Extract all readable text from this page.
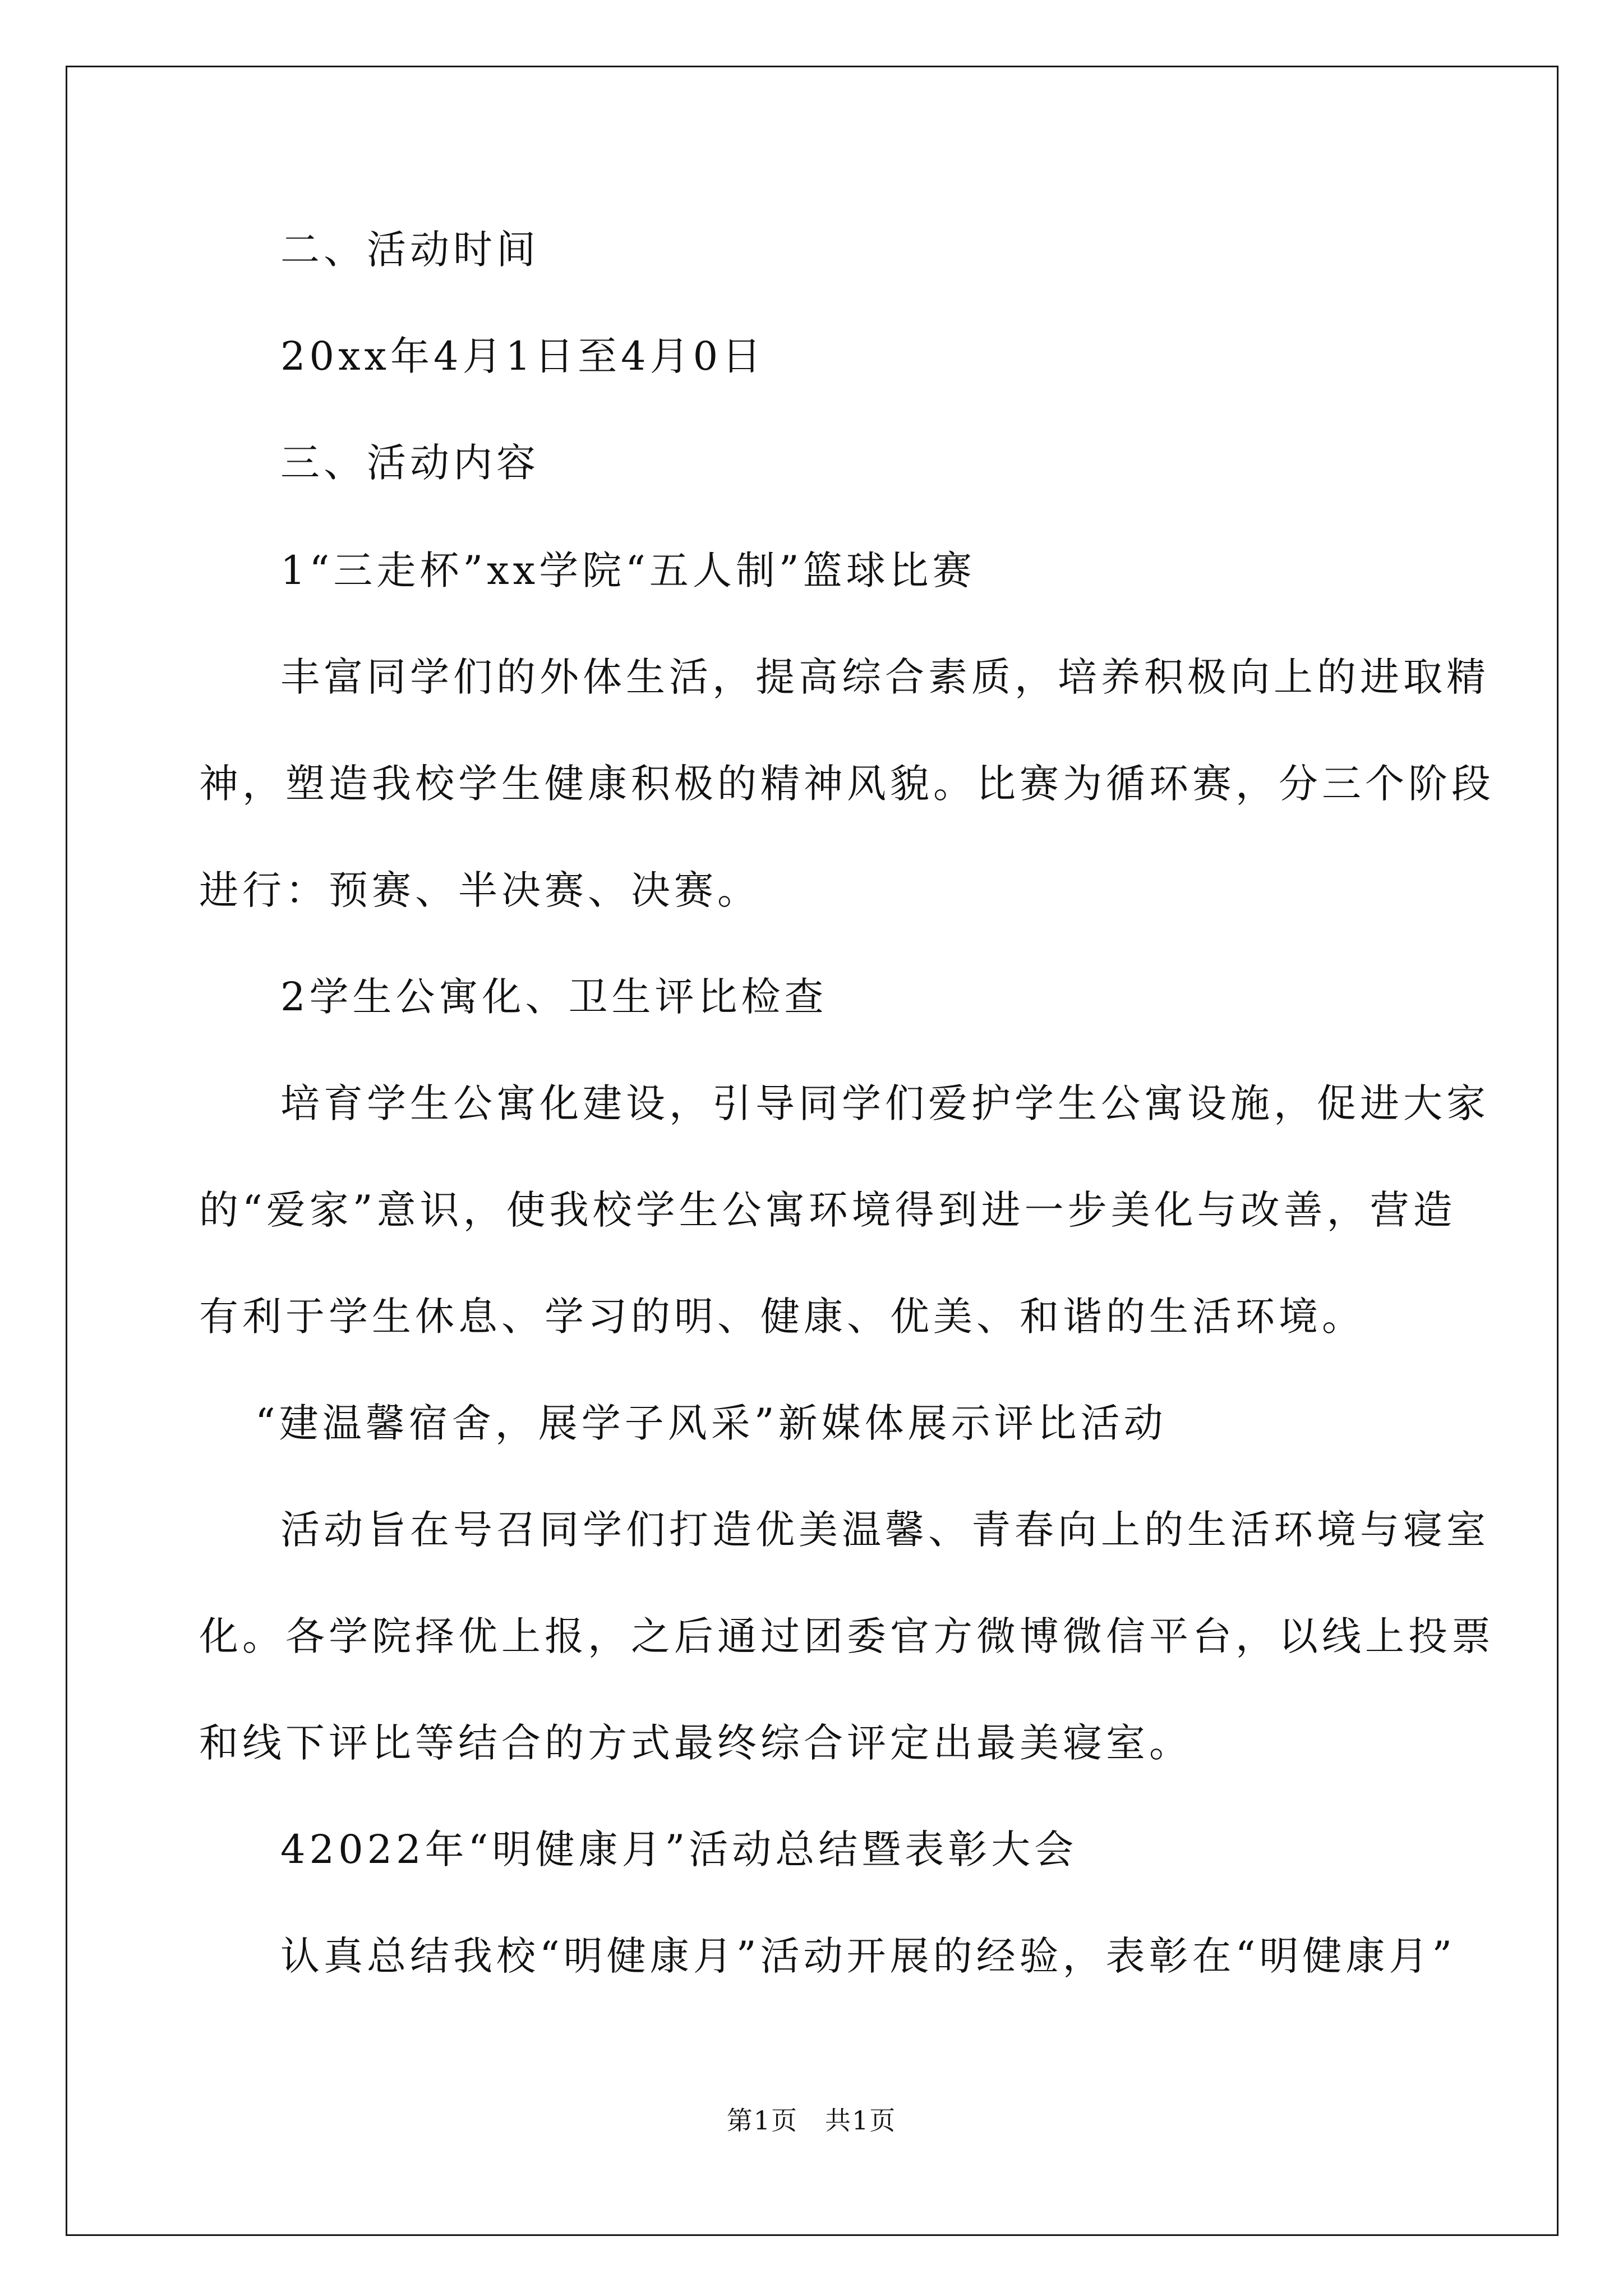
二、活动时间
20xx年4月1日至4月0日
三、活动内容
1“三走杯”xx学院“五人制”篮球比赛
丰富同学们的外体生活，提高综合素质，培养积极向上的进取精
神，塑造我校学生健康积极的精神风貌。比赛为循环赛，分三个阶段
进行：预赛、半决赛、决赛。
2学生公寓化、卫生评比检查
培育学生公寓化建设，引导同学们爱护学生公寓设施，促进大家
的“爱家”意识，使我校学生公寓环境得到进一步美化与改善，营造
有利于学生休息、学习的明、健康、优美、和谐的生活环境。
“建温馨宿舍，展学子风采”新媒体展示评比活动
活动旨在号召同学们打造优美温馨、青春向上的生活环境与寝室
化。各学院择优上报，之后通过团委官方微博微信平台，以线上投票
和线下评比等结合的方式最终综合评定出最美寝室。
42022年“明健康月”活动总结暨表彰大会
认真总结我校“明健康月”活动开展的经验，表彰在“明健康月”
第1页　共1页
